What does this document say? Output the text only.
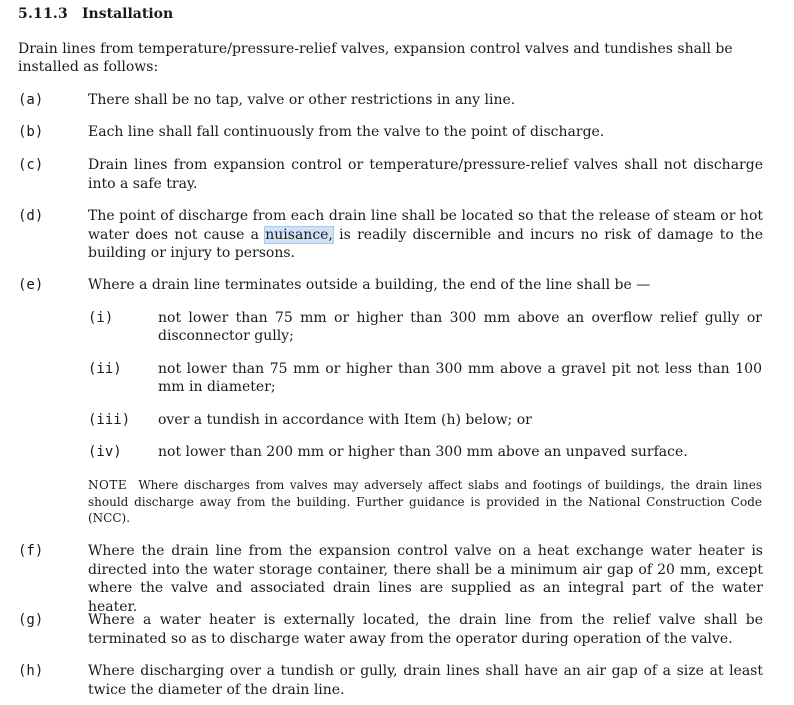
5.11.3 Installation
Drain lines from temperature/pressure-relief valves, expansion control valves and tundishes shall be installed as follows:
(a)	There shall be no tap, valve or other restrictions in any line.
(b)	Each line shall fall continuously from the valve to the point of discharge.
(c)	Drain lines from expansion control or temperature/pressure-relief valves shall not discharge into a safe tray.
(d)	The point of discharge from each drain line shall be located so that the release of steam or hot water does not cause a nuisance, is readily discernible and incurs no risk of damage to the building or injury to persons.
(e)	Where a drain line terminates outside a building, the end of the line shall be —
(i)	not lower than 75 mm or higher than 300 mm above an overflow relief gully or disconnector gully;
(ii)	not lower than 75 mm or higher than 300 mm above a gravel pit not less than 100 mm in diameter;
(iii)	over a tundish in accordance with Item (h) below; or
(iv)	not lower than 200 mm or higher than 300 mm above an unpaved surface.
NOTE Where discharges from valves may adversely affect slabs and footings of buildings, the drain lines should discharge away from the building. Further guidance is provided in the National Construction Code (NCC).
(f)	Where the drain line from the expansion control valve on a heat exchange water heater is directed into the water storage container, there shall be a minimum air gap of 20 mm, except where the valve and associated drain lines are supplied as an integral part of the water heater.
(g)	Where a water heater is externally located, the drain line from the relief valve shall be terminated so as to discharge water away from the operator during operation of the valve.
(h)	Where discharging over a tundish or gully, drain lines shall have an air gap of a size at least twice the diameter of the drain line.
